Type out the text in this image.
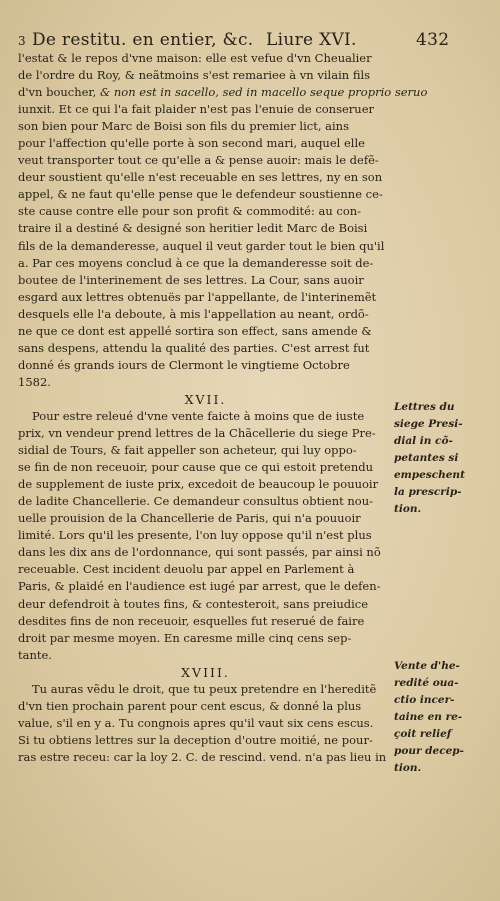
3 De restitu. en entier, &c. Liure XVI.	432
l'estat & le repos d'vne maison: elle est vefue d'vn Cheualier
de l'ordre du Roy, & neãtmoins s'est remariee à vn vilain fils
d'vn boucher, & non est in sacello, sed in macello seque proprio seruo
iunxit. Et ce qui l'a fait plaider n'est pas l'enuie de conseruer
son bien pour Marc de Boisi son fils du premier lict, ains
pour l'affection qu'elle porte à son second mari, auquel elle
veut transporter tout ce qu'elle a & pense auoir: mais le defẽ-
deur soustient qu'elle n'est receuable en ses lettres, ny en son
appel, & ne faut qu'elle pense que le defendeur soustienne ce-
ste cause contre elle pour son profit & commodité: au con-
traire il a destiné & designé son heritier ledit Marc de Boisi
fils de la demanderesse, auquel il veut garder tout le bien qu'il
a. Par ces moyens conclud à ce que la demanderesse soit de-
boutee de l'interinement de ses lettres. La Cour, sans auoir
esgard aux lettres obtenuës par l'appellante, de l'interinemẽt
desquels elle l'a deboute, à mis l'appellation au neant, ordõ-
ne que ce dont est appellé sortira son effect, sans amende &
sans despens, attendu la qualité des parties. C'est arrest fut
donné és grands iours de Clermont le vingtieme Octobre
1582.
XVII.
Pour estre releué d'vne vente faicte à moins que de iuste
prix, vn vendeur prend lettres de la Chãcellerie du siege Pre-
sidial de Tours, & fait appeller son acheteur, qui luy oppo-
se fin de non receuoir, pour cause que ce qui estoit pretendu
de supplement de iuste prix, excedoit de beaucoup le pouuoir
de ladite Chancellerie. Ce demandeur consultus obtient nou-
uelle prouision de la Chancellerie de Paris, qui n'a pouuoir
limité. Lors qu'il les presente, l'on luy oppose qu'il n'est plus
dans les dix ans de l'ordonnance, qui sont passés, par ainsi nõ
receuable. Cest incident deuolu par appel en Parlement à
Paris, & plaidé en l'audience est iugé par arrest, que le defen-
deur defendroit à toutes fins, & contesteroit, sans preiudice
desdites fins de non receuoir, esquelles fut reserué de faire
droit par mesme moyen. En caresme mille cinq cens sep-
tante.
XVIII.
Tu auras vẽdu le droit, que tu peux pretendre en l'hereditẽ
d'vn tien prochain parent pour cent escus, & donné la plus
value, s'il en y a. Tu congnois apres qu'il vaut six cens escus.
Si tu obtiens lettres sur la deception d'outre moitié, ne pour-
ras estre receu: car la loy 2. C. de rescind. vend. n'a pas lieu in
Lettres du
siege Presi-
dial in cõ-
petantes si
empeschent
la prescrip-
tion.
Vente d'he-
redité oua-
ctio incer-
taine en re-
çoit relief
pour decep-
tion.
